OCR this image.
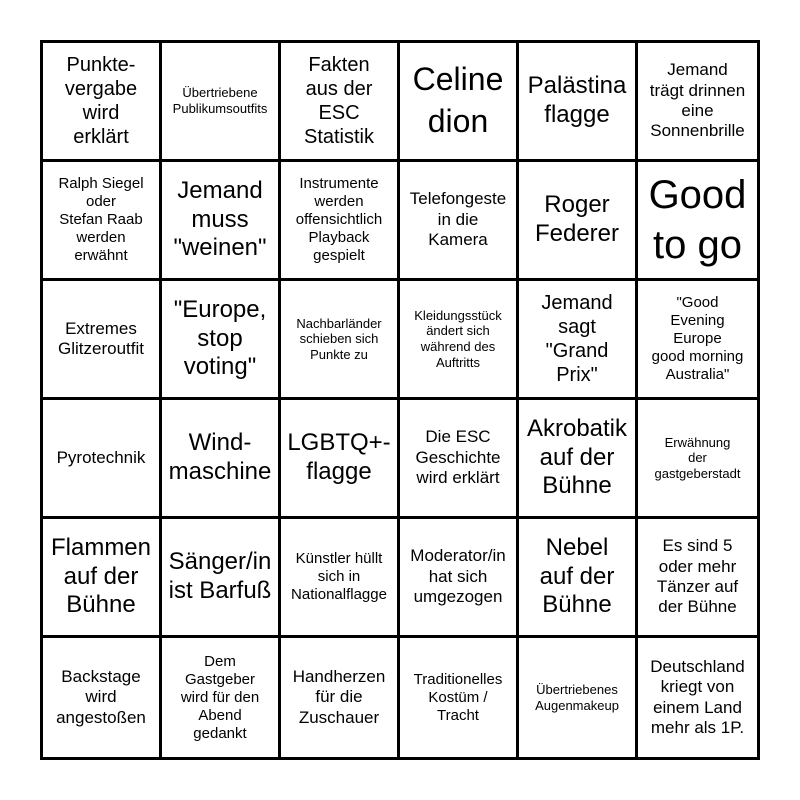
Punkte-
vergabe
wird
erklärt
Übertriebene
Publikumsoutfits
Fakten
aus der
ESC
Statistik
Celine
dion
Palästina
flagge
Jemand
trägt drinnen
eine
Sonnenbrille
Ralph Siegel
oder
Stefan Raab
werden
erwähnt
Jemand
muss
"weinen"
Instrumente
werden
offensichtlich
Playback
gespielt
Telefongeste
in die
Kamera
Roger
Federer
Good
to go
Extremes
Glitzeroutfit
"Europe,
stop
voting"
Nachbarländer
schieben sich
Punkte zu
Kleidungsstück
ändert sich
während des
Auftritts
Jemand
sagt
"Grand
Prix"
"Good
Evening
Europe
good morning
Australia"
Pyrotechnik
Wind-
maschine
LGBTQ+-
flagge
Die ESC
Geschichte
wird erklärt
Akrobatik
auf der
Bühne
Erwähnung
der
gastgeberstadt
Flammen
auf der
Bühne
Sänger/in
ist Barfuß
Künstler hüllt
sich in
Nationalflagge
Moderator/in
hat sich
umgezogen
Nebel
auf der
Bühne
Es sind 5
oder mehr
Tänzer auf
der Bühne
Backstage
wird
angestoßen
Dem
Gastgeber
wird für den
Abend
gedankt
Handherzen
für die
Zuschauer
Traditionelles
Kostüm /
Tracht
Übertriebenes
Augenmakeup
Deutschland
kriegt von
einem Land
mehr als 1P.
